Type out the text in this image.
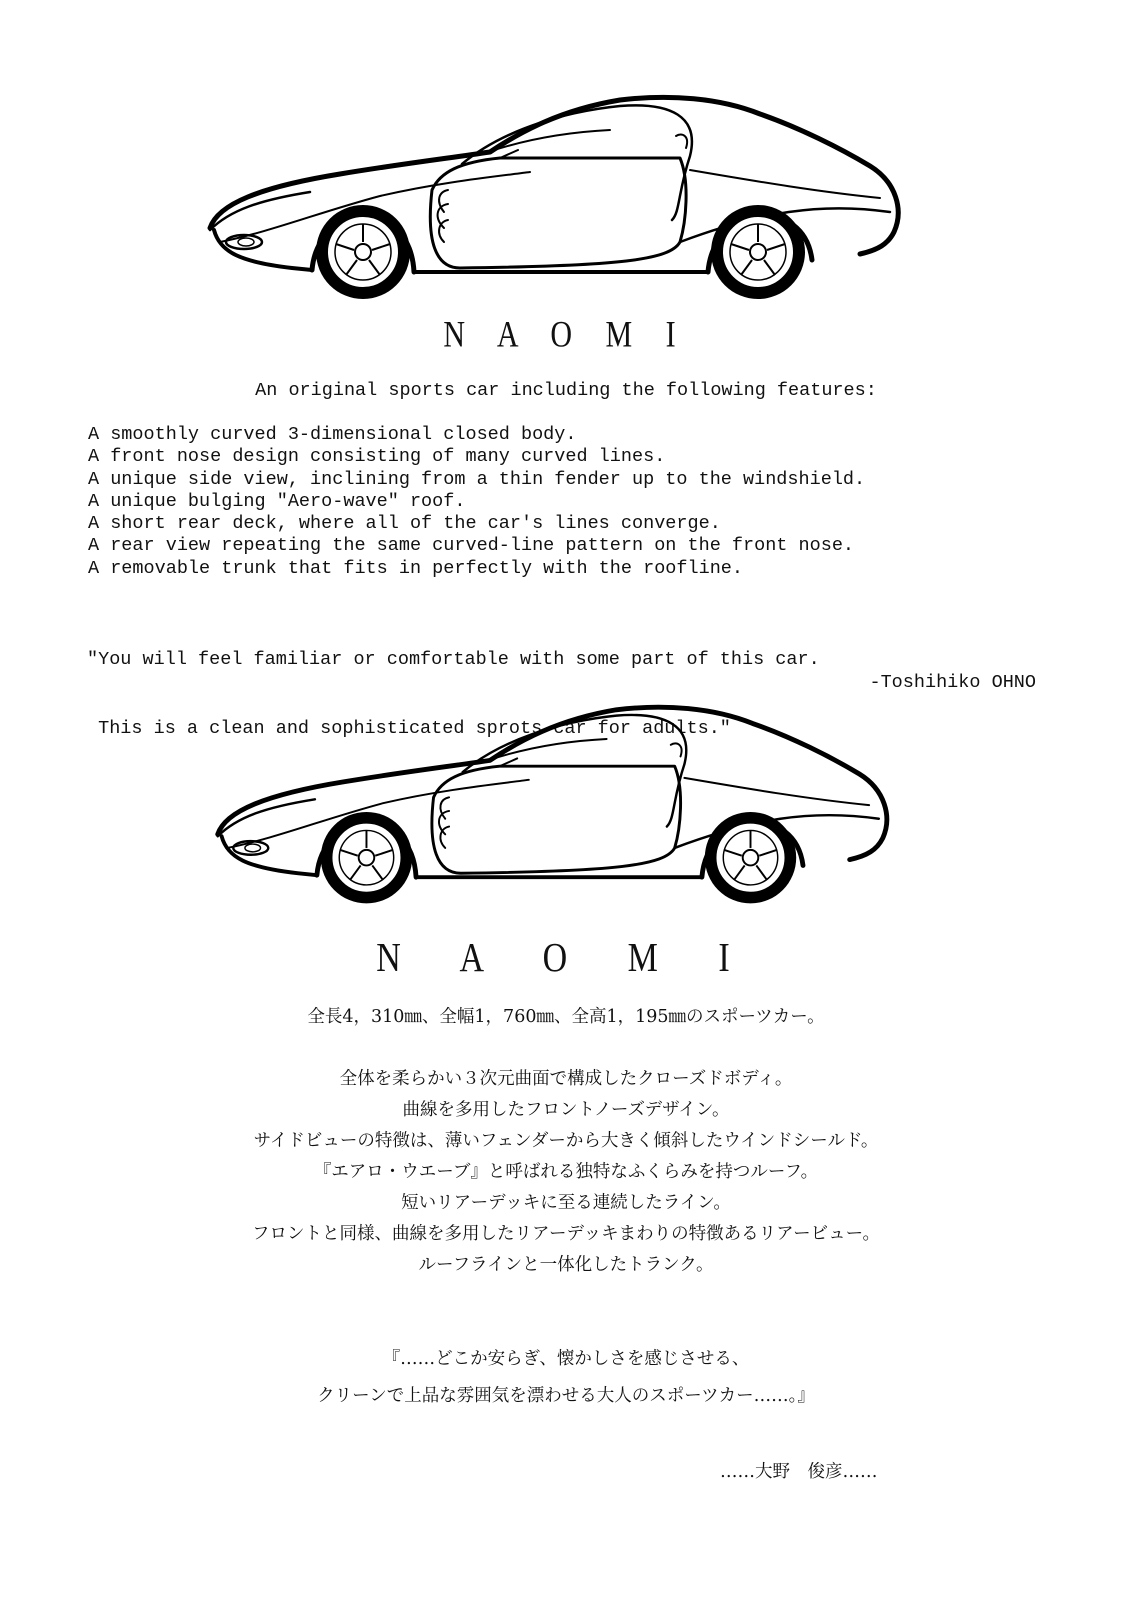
N A O M I
An original sports car including the following features:
A smoothly curved 3-dimensional closed body.
A front nose design consisting of many curved lines.
A unique side view, inclining from a thin fender up to the windshield.
A unique bulging "Aero-wave" roof.
A short rear deck, where all of the car's lines converge.
A rear view repeating the same curved-line pattern on the front nose.
A removable trunk that fits in perfectly with the roofline.

"You will feel familiar or comfortable with some part of this car.

This is a clean and sophisticated sprots car for adults."

-Toshihiko OHNO
N A O M I
全長4，310㎜、全幅1，760㎜、全高1，195㎜のスポーツカー。
全体を柔らかい３次元曲面で構成したクローズドボディ。
曲線を多用したフロントノーズデザイン。
サイドビューの特徴は、薄いフェンダーから大きく傾斜したウインドシールド。
『エアロ・ウエーブ』と呼ばれる独特なふくらみを持つルーフ。
短いリアーデッキに至る連続したライン。
フロントと同様、曲線を多用したリアーデッキまわりの特徴あるリアービュー。
ルーフラインと一体化したトランク。
『……どこか安らぎ、懐かしさを感じさせる、
クリーンで上品な雰囲気を漂わせる大人のスポーツカー……。』
……大野　俊彦……
